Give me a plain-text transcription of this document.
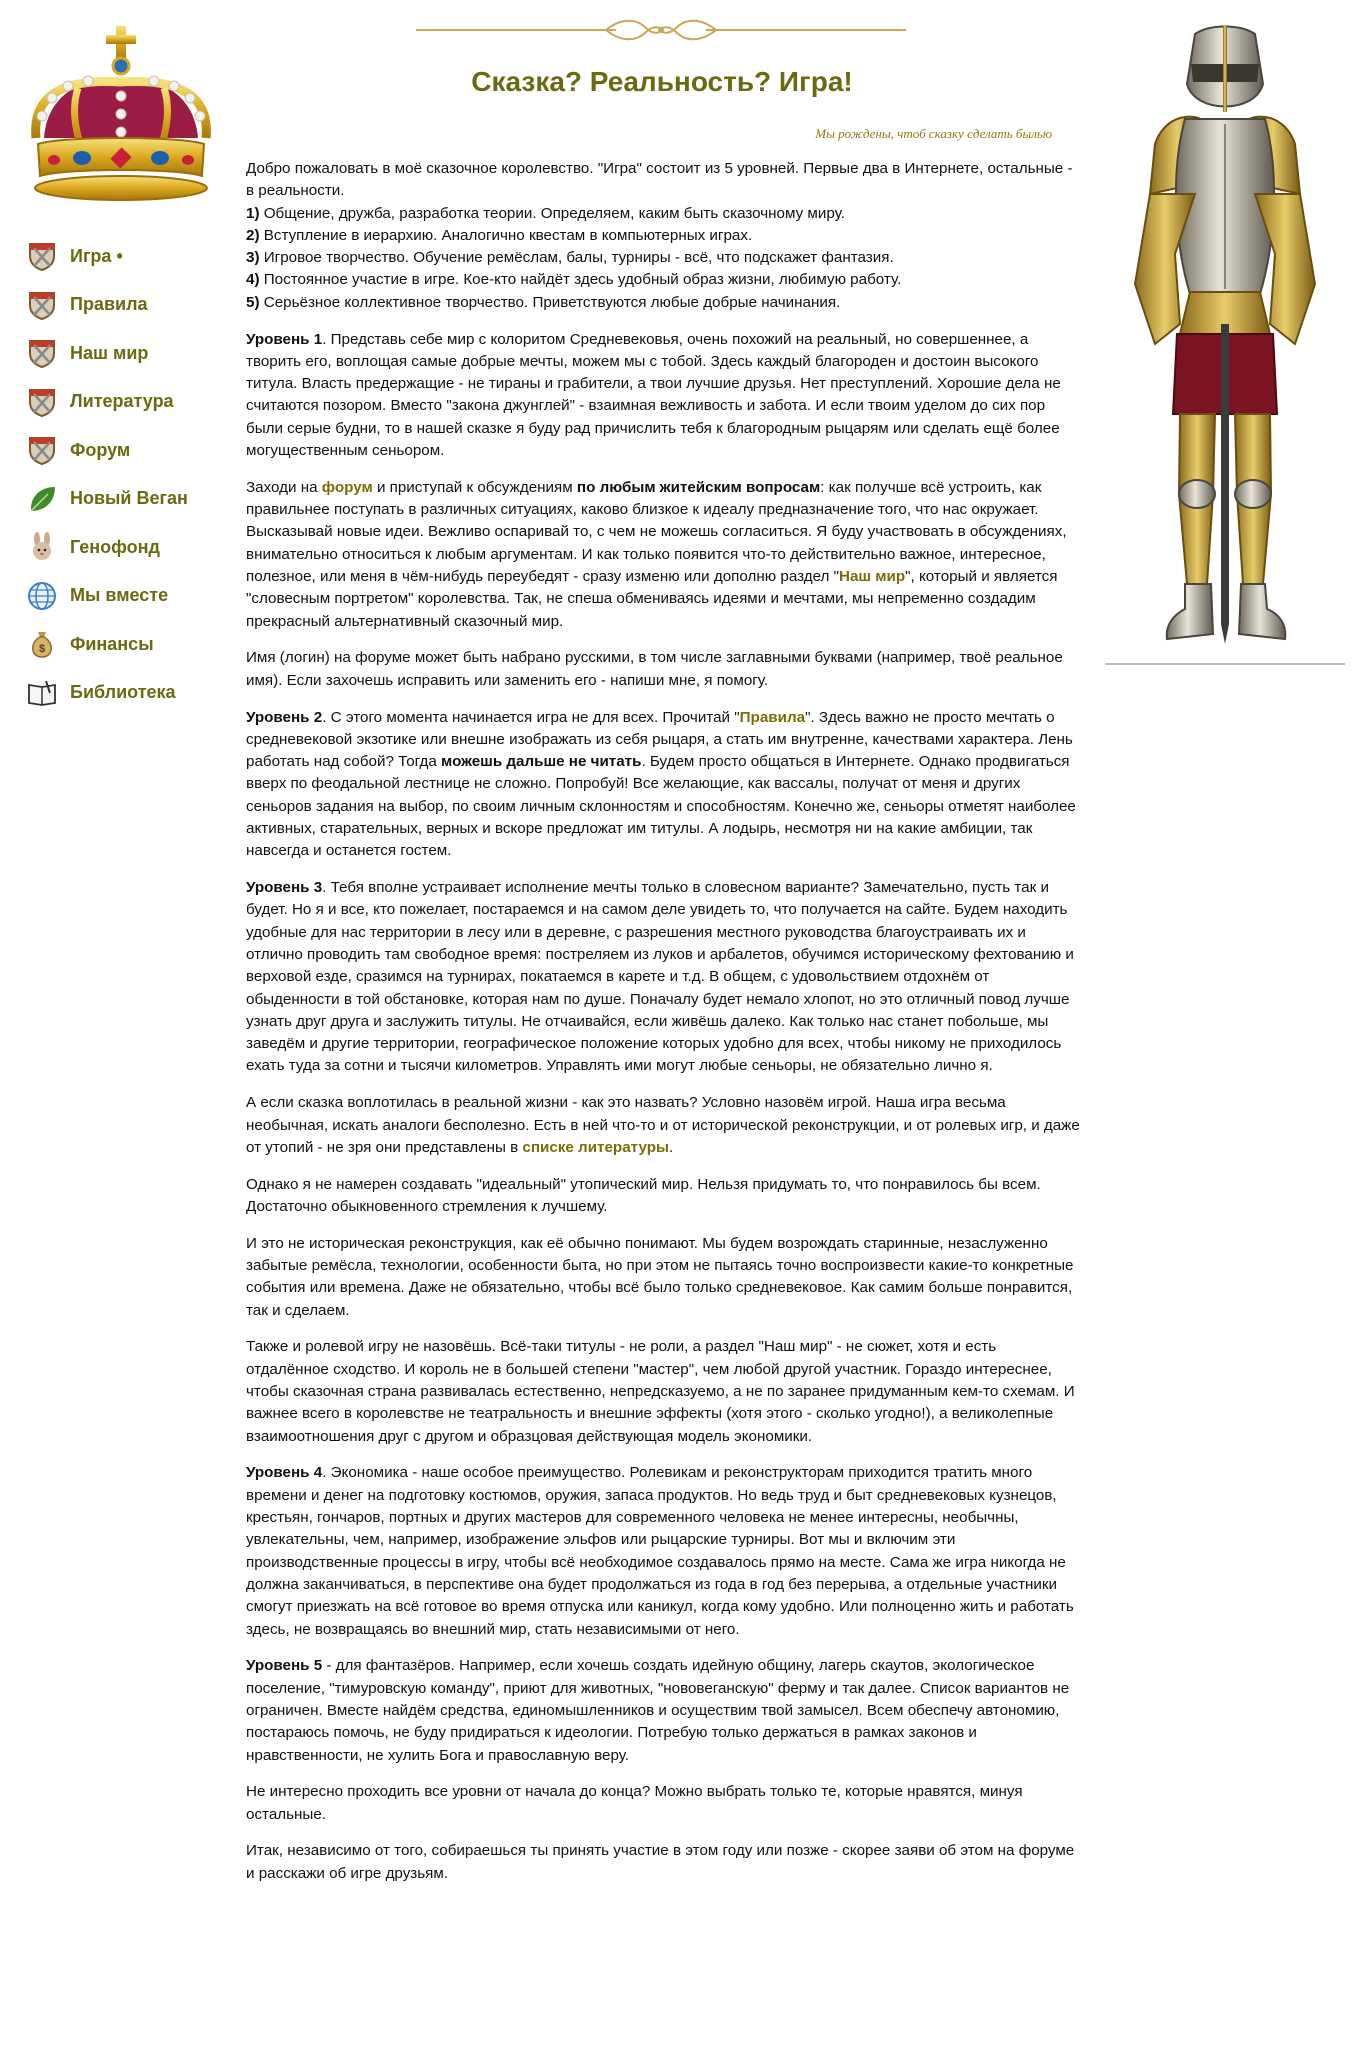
Игра •
Правила
Наш мир
Литература
Форум
Новый Веган
Генофонд
Мы вместе
$ Финансы
Библиотека
Сказка? Реальность? Игра!

Мы рождены, чтоб сказку сделать былью

Добро пожаловать в моё сказочное королевство. "Игра" состоит из 5 уровней. Первые два в Интернете, остальные - в реальности.

1) Общение, дружба, разработка теории. Определяем, каким быть сказочному миру.

2) Вступление в иерархию. Аналогично квестам в компьютерных играх.

3) Игровое творчество. Обучение ремёслам, балы, турниры - всё, что подскажет фантазия.

4) Постоянное участие в игре. Кое-кто найдёт здесь удобный образ жизни, любимую работу.

5) Серьёзное коллективное творчество. Приветствуются любые добрые начинания.

Уровень 1. Представь себе мир с колоритом Средневековья, очень похожий на реальный, но совершеннее, а творить его, воплощая самые добрые мечты, можем мы с тобой. Здесь каждый благороден и достоин высокого титула. Власть предержащие - не тираны и грабители, а твои лучшие друзья. Нет преступлений. Хорошие дела не считаются позором. Вместо "закона джунглей" - взаимная вежливость и забота. И если твоим уделом до сих пор были серые будни, то в нашей сказке я буду рад причислить тебя к благородным рыцарям или сделать ещё более могущественным сеньором.

Заходи на форум и приступай к обсуждениям по любым житейским вопросам: как получше всё устроить, как правильнее поступать в различных ситуациях, каково близкое к идеалу предназначение того, что нас окружает. Высказывай новые идеи. Вежливо оспаривай то, с чем не можешь согласиться. Я буду участвовать в обсуждениях, внимательно относиться к любым аргументам. И как только появится что-то действительно важное, интересное, полезное, или меня в чём-нибудь переубедят - сразу изменю или дополню раздел "Наш мир", который и является "словесным портретом" королевства. Так, не спеша обмениваясь идеями и мечтами, мы непременно создадим прекрасный альтернативный сказочный мир.

Имя (логин) на форуме может быть набрано русскими, в том числе заглавными буквами (например, твоё реальное имя). Если захочешь исправить или заменить его - напиши мне, я помогу.

Уровень 2. С этого момента начинается игра не для всех. Прочитай "Правила". Здесь важно не просто мечтать о средневековой экзотике или внешне изображать из себя рыцаря, а стать им внутренне, качествами характера. Лень работать над собой? Тогда можешь дальше не читать. Будем просто общаться в Интернете. Однако продвигаться вверх по феодальной лестнице не сложно. Попробуй! Все желающие, как вассалы, получат от меня и других сеньоров задания на выбор, по своим личным склонностям и способностям. Конечно же, сеньоры отметят наиболее активных, старательных, верных и вскоре предложат им титулы. А лодырь, несмотря ни на какие амбиции, так навсегда и останется гостем.

Уровень 3. Тебя вполне устраивает исполнение мечты только в словесном варианте? Замечательно, пусть так и будет. Но я и все, кто пожелает, постараемся и на самом деле увидеть то, что получается на сайте. Будем находить удобные для нас территории в лесу или в деревне, с разрешения местного руководства благоустраивать их и отлично проводить там свободное время: постреляем из луков и арбалетов, обучимся историческому фехтованию и верховой езде, сразимся на турнирах, покатаемся в карете и т.д. В общем, с удовольствием отдохнём от обыденности в той обстановке, которая нам по душе. Поначалу будет немало хлопот, но это отличный повод лучше узнать друг друга и заслужить титулы. Не отчаивайся, если живёшь далеко. Как только нас станет побольше, мы заведём и другие территории, географическое положение которых удобно для всех, чтобы никому не приходилось ехать туда за сотни и тысячи километров. Управлять ими могут любые сеньоры, не обязательно лично я.

А если сказка воплотилась в реальной жизни - как это назвать? Условно назовём игрой. Наша игра весьма необычная, искать аналоги бесполезно. Есть в ней что-то и от исторической реконструкции, и от ролевых игр, и даже от утопий - не зря они представлены в списке литературы.

Однако я не намерен создавать "идеальный" утопический мир. Нельзя придумать то, что понравилось бы всем. Достаточно обыкновенного стремления к лучшему.

И это не историческая реконструкция, как её обычно понимают. Мы будем возрождать старинные, незаслуженно забытые ремёсла, технологии, особенности быта, но при этом не пытаясь точно воспроизвести какие-то конкретные события или времена. Даже не обязательно, чтобы всё было только средневековое. Как самим больше понравится, так и сделаем.

Также и ролевой игру не назовёшь. Всё-таки титулы - не роли, а раздел "Наш мир" - не сюжет, хотя и есть отдалённое сходство. И король не в большей степени "мастер", чем любой другой участник. Гораздо интереснее, чтобы сказочная страна развивалась естественно, непредсказуемо, а не по заранее придуманным кем-то схемам. И важнее всего в королевстве не театральность и внешние эффекты (хотя этого - сколько угодно!), а великолепные взаимоотношения друг с другом и образцовая действующая модель экономики.

Уровень 4. Экономика - наше особое преимущество. Ролевикам и реконструкторам приходится тратить много времени и денег на подготовку костюмов, оружия, запаса продуктов. Но ведь труд и быт средневековых кузнецов, крестьян, гончаров, портных и других мастеров для современного человека не менее интересны, необычны, увлекательны, чем, например, изображение эльфов или рыцарские турниры. Вот мы и включим эти производственные процессы в игру, чтобы всё необходимое создавалось прямо на месте. Сама же игра никогда не должна заканчиваться, в перспективе она будет продолжаться из года в год без перерыва, а отдельные участники смогут приезжать на всё готовое во время отпуска или каникул, когда кому удобно. Или полноценно жить и работать здесь, не возвращаясь во внешний мир, стать независимыми от него.

Уровень 5 - для фантазёров. Например, если хочешь создать идейную общину, лагерь скаутов, экологическое поселение, "тимуровскую команду", приют для животных, "нововеганскую" ферму и так далее. Список вариантов не ограничен. Вместе найдём средства, единомышленников и осуществим твой замысел. Всем обеспечу автономию, постараюсь помочь, не буду придираться к идеологии. Потребую только держаться в рамках законов и нравственности, не хулить Бога и православную веру.

Не интересно проходить все уровни от начала до конца? Можно выбрать только те, которые нравятся, минуя остальные.

Итак, независимо от того, собираешься ты принять участие в этом году или позже - скорее заяви об этом на форуме и расскажи об игре друзьям.
